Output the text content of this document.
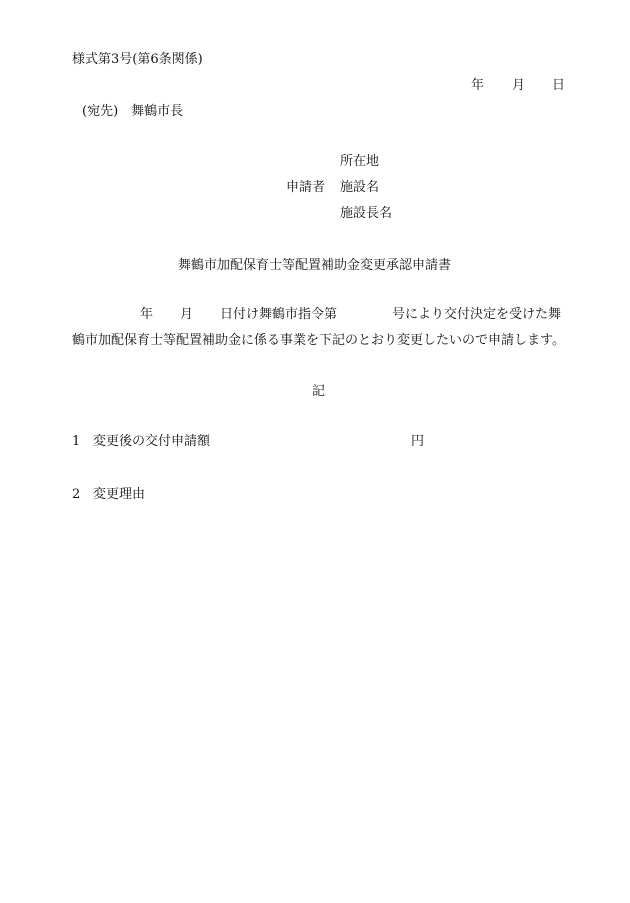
様式第3号(第6条関係)
年 月 日
(宛先)　舞鶴市長
所在地
申請者 施設名
施設長名
舞鶴市加配保育士等配置補助金変更承認申請書
年 月 日付け舞鶴市指令第	号により交付決定を受けた舞
鶴市加配保育士等配置補助金に係る事業を下記のとおり変更したいので申請します。
記
1 変更後の交付申請額	円
2 変更理由
